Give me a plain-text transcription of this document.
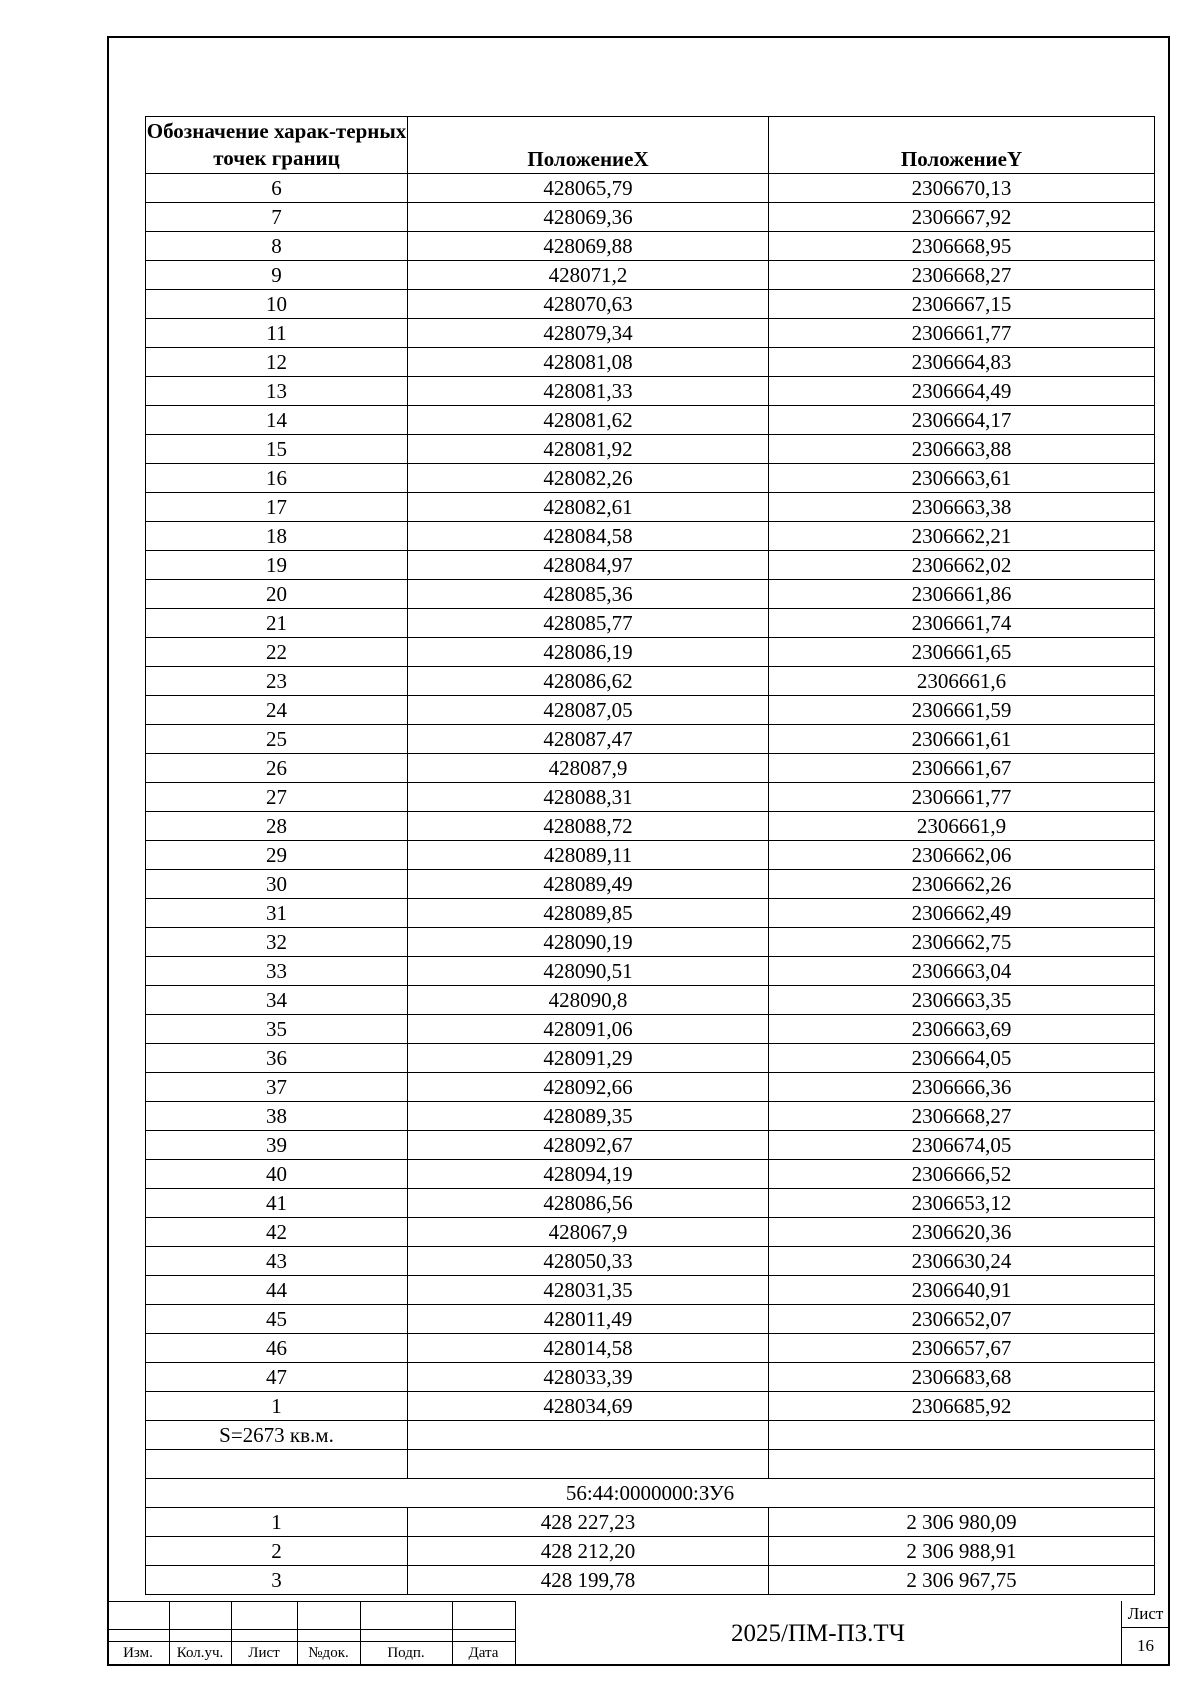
Обозначение харак-терных точек границ	ПоложениеX	ПоложениеY
6	428065,79	2306670,13
7	428069,36	2306667,92
8	428069,88	2306668,95
9	428071,2	2306668,27
10	428070,63	2306667,15
11	428079,34	2306661,77
12	428081,08	2306664,83
13	428081,33	2306664,49
14	428081,62	2306664,17
15	428081,92	2306663,88
16	428082,26	2306663,61
17	428082,61	2306663,38
18	428084,58	2306662,21
19	428084,97	2306662,02
20	428085,36	2306661,86
21	428085,77	2306661,74
22	428086,19	2306661,65
23	428086,62	2306661,6
24	428087,05	2306661,59
25	428087,47	2306661,61
26	428087,9	2306661,67
27	428088,31	2306661,77
28	428088,72	2306661,9
29	428089,11	2306662,06
30	428089,49	2306662,26
31	428089,85	2306662,49
32	428090,19	2306662,75
33	428090,51	2306663,04
34	428090,8	2306663,35
35	428091,06	2306663,69
36	428091,29	2306664,05
37	428092,66	2306666,36
38	428089,35	2306668,27
39	428092,67	2306674,05
40	428094,19	2306666,52
41	428086,56	2306653,12
42	428067,9	2306620,36
43	428050,33	2306630,24
44	428031,35	2306640,91
45	428011,49	2306652,07
46	428014,58	2306657,67
47	428033,39	2306683,68
1	428034,69	2306685,92
S=2673 кв.м.		

56:44:0000000:ЗУ6		
1	428 227,23	2 306 980,09
2	428 212,20	2 306 988,91
3	428 199,78	2 306 967,75
Изм.	Кол.уч.	Лист	№док.	Подп.	Дата
2025/ПМ-ПЗ.ТЧ
Лист
16
